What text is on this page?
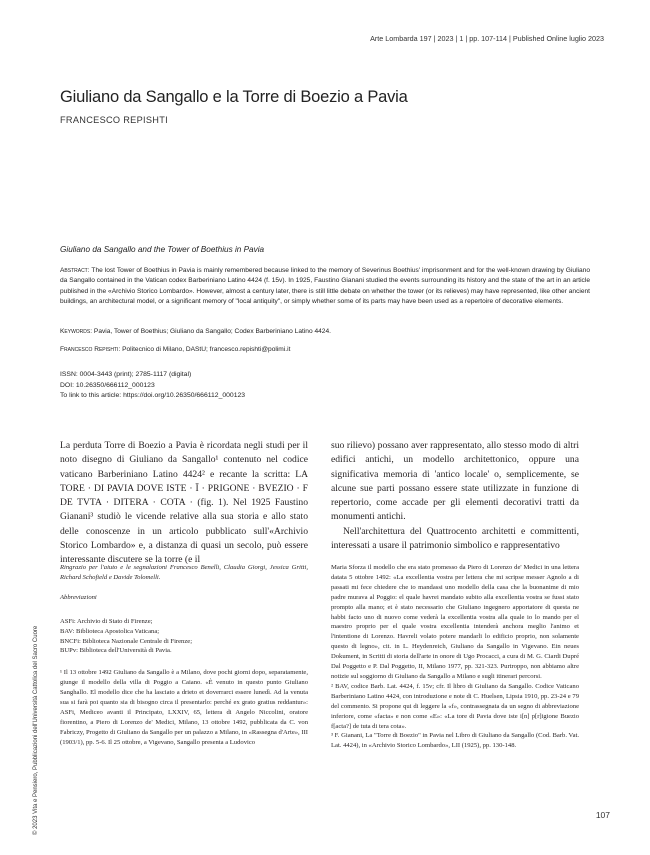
Arte Lombarda 197 | 2023 | 1 | pp. 107-114 | Published Online luglio 2023
Giuliano da Sangallo e la Torre di Boezio a Pavia
FRANCESCO REPISHTI
Giuliano da Sangallo and the Tower of Boethius in Pavia

Abstract: The lost Tower of Boethius in Pavia is mainly remembered because linked to the memory of Severinus Boethius' imprisonment and for the well-known drawing by Giuliano da Sangallo contained in the Vatican codex Barberiniano Latino 4424 (f. 15v). In 1925, Faustino Gianani studied the events surrounding its history and the state of the art in an article published in the «Archivio Storico Lombardo». However, almost a century later, there is still little debate on whether the tower (or its relieves) may have represented, like other ancient buildings, an architectural model, or a significant memory of "local antiquity", or simply whether some of its parts may have been used as a repertoire of decorative elements.

Keywords: Pavia, Tower of Boethius; Giuliano da Sangallo; Codex Barberiniano Latino 4424.

Francesco Repishti: Politecnico di Milano, DAStU; francesco.repishti@polimi.it

ISSN: 0004-3443 (print); 2785-1117 (digital)
DOI: 10.26350/666112_000123
To link to this article: https://doi.org/10.26350/666112_000123

La perduta Torre di Boezio a Pavia è ricordata negli studi per il noto disegno di Giuliano da Sangallo¹ contenuto nel codice vaticano Barberiniano Latino 4424² e recante la scritta: LA TORE · DI PAVIA DOVE ISTE · Ī · PRIGONE · BVEZIO · F DE TVTA · DITERA · COTA · (fig. 1). Nel 1925 Faustino Gianani³ studiò le vicende relative alla sua storia e allo stato delle conoscenze in un articolo pubblicato sull'«Archivio Storico Lombardo» e, a distanza di quasi un secolo, può essere interessante discutere se la torre (e il

suo rilievo) possano aver rappresentato, allo stesso modo di altri edifici antichi, un modello architettonico, oppure una significativa memoria di 'antico locale' o, semplicemente, se alcune sue parti possano essere state utilizzate in funzione di repertorio, come accade per gli elementi decorativi tratti da monumenti antichi.

Nell'architettura del Quattrocento architetti e committenti, interessati a usare il patrimonio simbolico e rappresentativo

Ringrazio per l'aiuto e le segnalazioni Francesco Benelli, Claudia Giorgi, Jessica Gritti, Richard Schofield e Davide Tolomelli.

Abbreviazioni

ASFi: Archivio di Stato di Firenze;

BAV: Biblioteca Apostolica Vaticana;

BNCFi: Biblioteca Nazionale Centrale di Firenze;

BUPv: Biblioteca dell'Università di Pavia.

¹ Il 13 ottobre 1492 Giuliano da Sangallo è a Milano, dove pochi giorni dopo, separatamente, giunge il modello della villa di Poggio a Caiano. «È venuto in questo punto Giuliano Sanghallo. El modello dice che ha lasciato a drieto et doverrarci essere lunedì. Ad la venuta sua si farà poi quanto sia di bisogno circa il presentarlo: perché ex grato gratius reddantur»: ASFi, Mediceo avanti il Principato, LXXIV, 65, lettera di Angelo Niccolini, oratore fiorentino, a Piero di Lorenzo de' Medici, Milano, 13 ottobre 1492, pubblicata da C. von Fabriczy, Progetto di Giuliano da Sangallo per un palazzo a Milano, in «Rassegna d'Arte», III (1903/1), pp. 5-6. Il 25 ottobre, a Vigevano, Sangallo presenta a Ludovico

Maria Sforza il modello che era stato promesso da Piero di Lorenzo de' Medici in una lettera datata 5 ottobre 1492: «La excellentia vostra per lettera che mi scripse messer Agnolo a di passati mi fece chiedere che io mandassi uno modello della casa che la buonanime di mio padre murava al Poggio: el quale havrei mandato subito alla excellentia vostra se fussi stato prompto alla mano; et è stato necessario che Giuliano ingegnero apportatore di questa ne habbi facto uno di nuovo come vederà la excellentia vostra alla quale io lo mando per el maestro proprio per el quale vostra excellentia intenderà anchora meglio l'animo et l'intentione di Lorenzo. Havreli volato potere mandarli lo edificio proprio, non solamente questo di legno», cit. in L. Heydenreich, Giuliano da Sangallo in Vigevano. Ein neues Dokument, in Scritti di storia dell'arte in onore di Ugo Procacci, a cura di M. G. Ciardi Dupré Dal Poggetto e P. Dal Poggetto, II, Milano 1977, pp. 321-323. Purtroppo, non abbiamo altre notizie sul soggiorno di Giuliano da Sangallo a Milano e sugli itinerari percorsi.

² BAV, codice Barb. Lat. 4424, f. 15v; cfr. Il libro di Giuliano da Sangallo. Codice Vaticano Barberiniano Latino 4424, con introduzione e note di C. Huelsen, Lipsia 1910, pp. 23-24 e 79 del commento. Si propone qui di leggere la «f», contrassegnata da un segno di abbreviazione inferiore, come «facta» e non come «E»: «La tore di Pavia dove iste i[n] p[r]igione Buezio f[acta?] de tuta di tera cota».

³ F. Gianani, La "Torre di Boezio" in Pavia nel Libro di Giuliano da Sangallo (Cod. Barb. Vat. Lat. 4424), in «Archivio Storico Lombardo», LII (1925), pp. 130-148.

© 2023 Vita e Pensiero, Pubblicazioni dell'Università Cattolica del Sacro Cuore	107
